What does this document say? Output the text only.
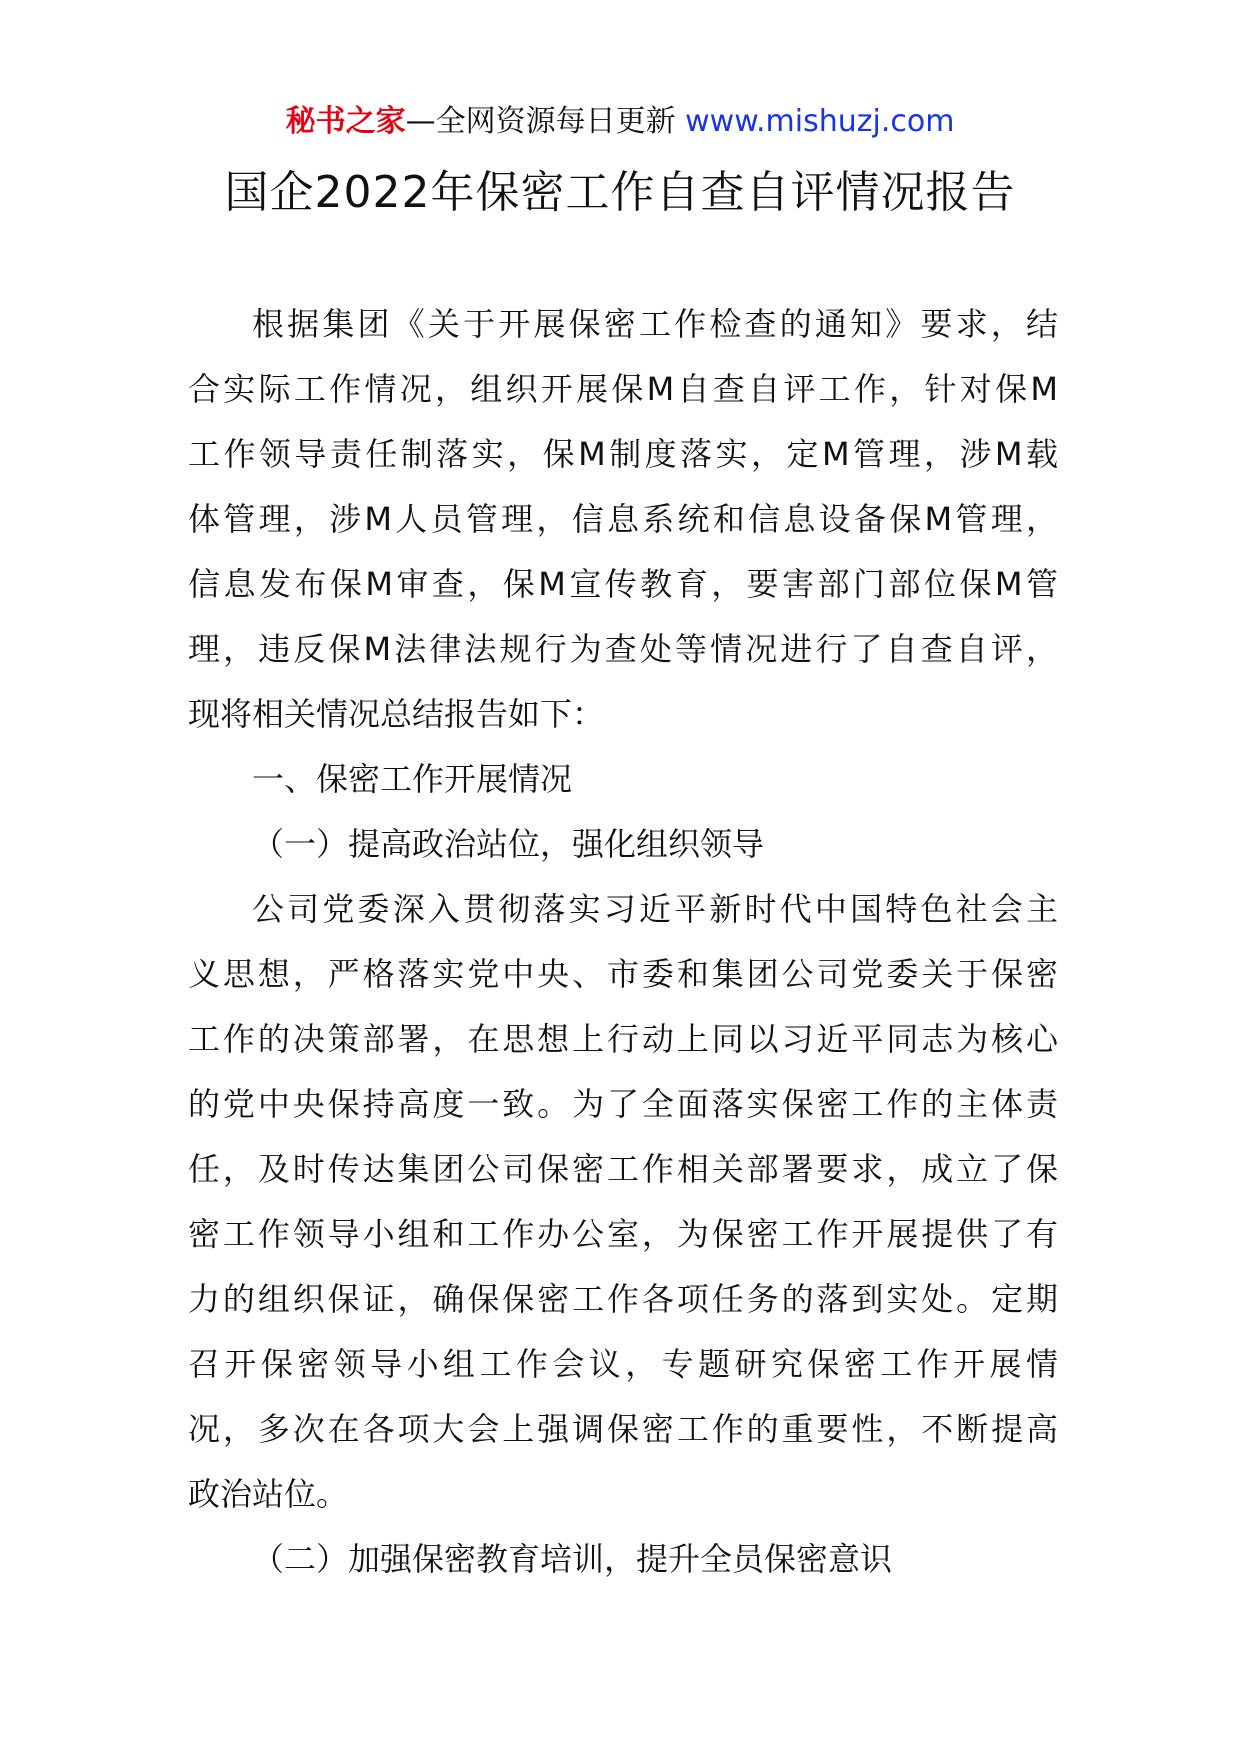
秘书之家—全网资源每日更新 www.mishuzj.com
国企2022年保密工作自查自评情况报告
根据集团《关于开展保密工作检查的通知》要求，结
合实际工作情况，组织开展保M自查自评工作，针对保M
工作领导责任制落实，保M制度落实，定M管理，涉M载
体管理，涉M人员管理，信息系统和信息设备保M管理，
信息发布保M审查，保M宣传教育，要害部门部位保M管
理，违反保M法律法规行为查处等情况进行了自查自评，
现将相关情况总结报告如下：
一、保密工作开展情况
（一）提高政治站位，强化组织领导
公司党委深入贯彻落实习近平新时代中国特色社会主
义思想，严格落实党中央、市委和集团公司党委关于保密
工作的决策部署，在思想上行动上同以习近平同志为核心
的党中央保持高度一致。为了全面落实保密工作的主体责
任，及时传达集团公司保密工作相关部署要求，成立了保
密工作领导小组和工作办公室，为保密工作开展提供了有
力的组织保证，确保保密工作各项任务的落到实处。定期
召开保密领导小组工作会议，专题研究保密工作开展情
况，多次在各项大会上强调保密工作的重要性，不断提高
政治站位。
（二）加强保密教育培训，提升全员保密意识
